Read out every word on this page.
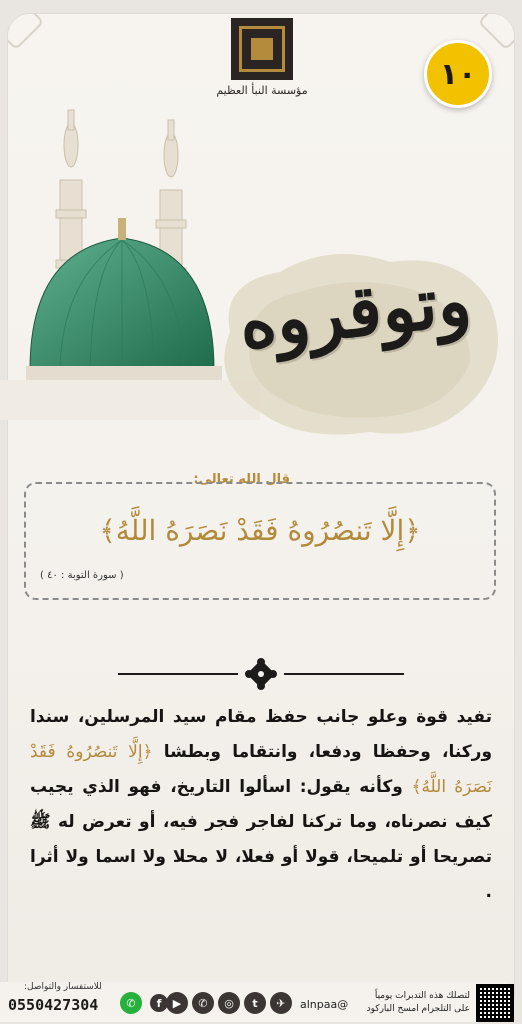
مؤسسة النبأ العظيم	١٠
وتوقروه
قال الله تعالى:
﴿إِلَّا تَنصُرُوهُ فَقَدْ نَصَرَهُ اللَّهُ﴾
( سورة التوبة : ٤٠ )
تفيد قوة وعلو جانب حفظ مقام سيد المرسلين، سندا وركنا، وحفظا ودفعا، وانتقاما وبطشا ﴿إِلَّا تَنصُرُوهُ فَقَدْ نَصَرَهُ اللَّهُ﴾ وكأنه يقول: اسألوا التاريخ، فهو الذي يجيب كيف نصرناه، وما تركنا لفاجر فجر فيه، أو تعرض له ﷺ تصريحا أو تلميحا، قولا أو فعلا، لا محلا ولا اسما ولا أثرا .
لتصلك هذه التدبرات يومياً
على التلجرام امسح الباركود
alnpaa@
✈
t
◎
✆
▶
f
✆
للاستفسار والتواصل:
0550427304
